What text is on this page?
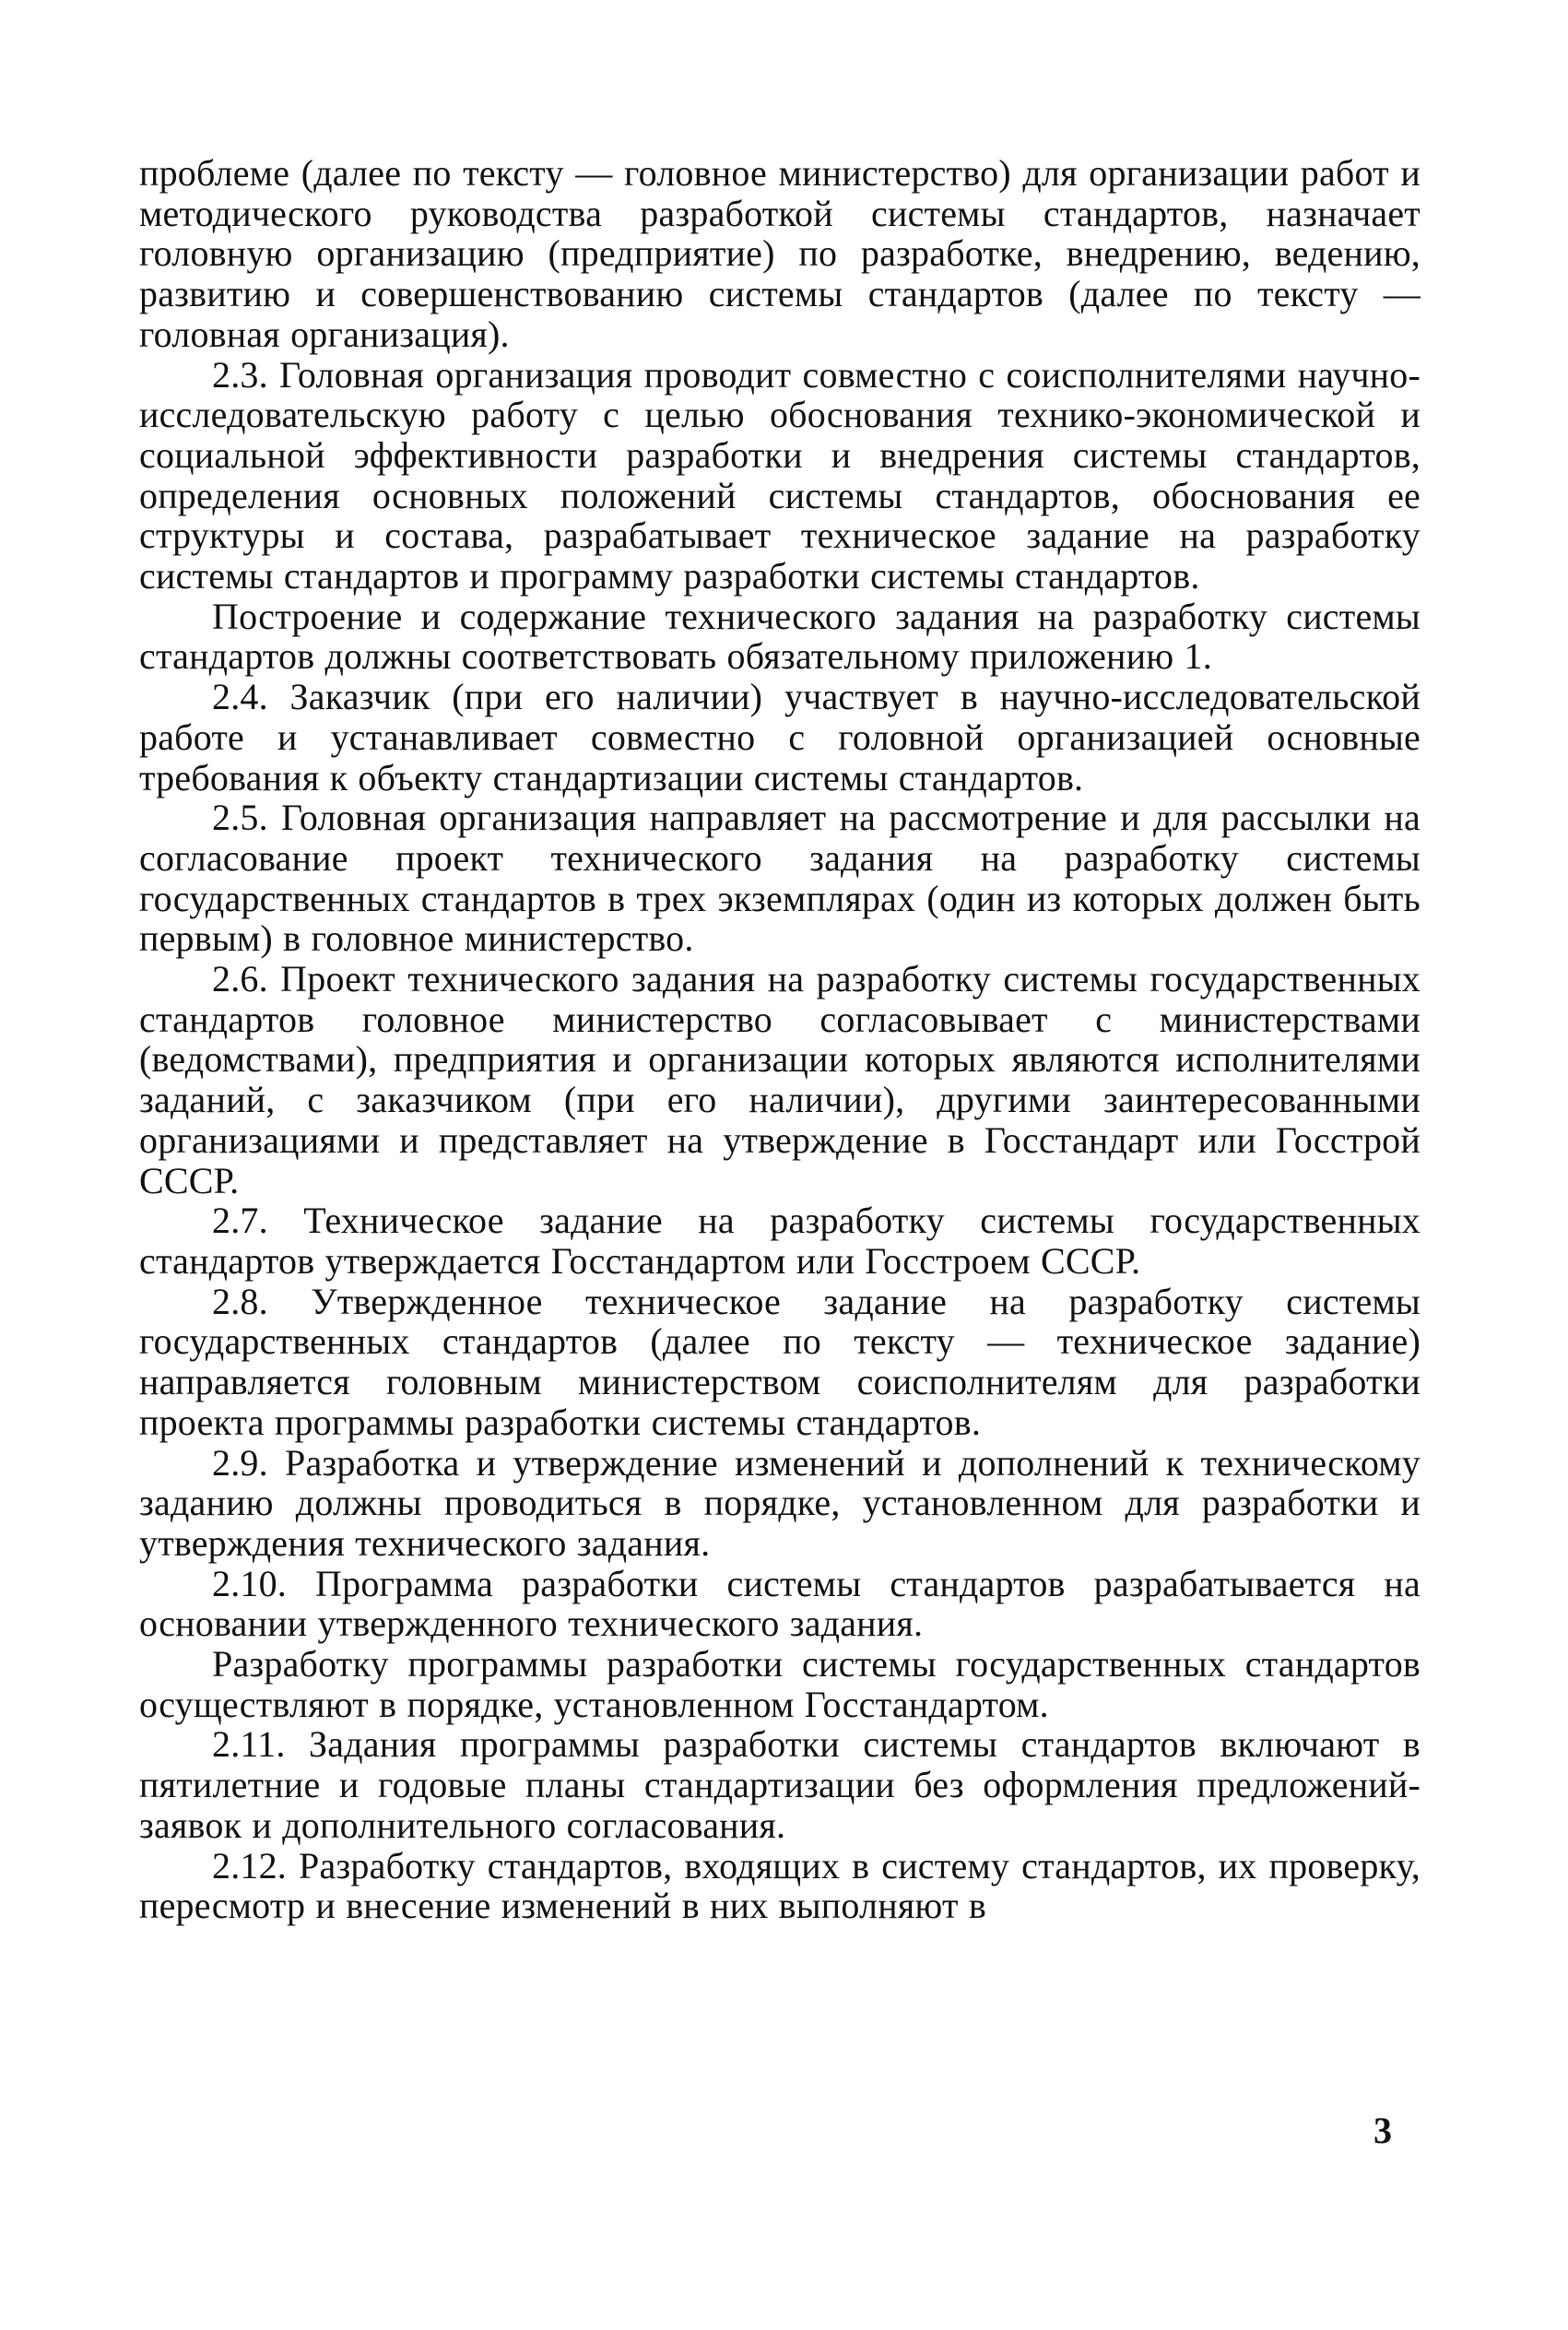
проблеме (далее по тексту — головное министерство) для организации работ и методического руководства разработкой системы стандартов, назначает головную организацию (предприятие) по разработке, внедрению, ведению, развитию и совершенствованию системы стандартов (далее по тексту — головная организация).

2.3. Головная организация проводит совместно с соисполнителями научно-исследовательскую работу с целью обоснования технико-экономической и социальной эффективности разработки и внедрения системы стандартов, определения основных положений системы стандартов, обоснования ее структуры и состава, разрабатывает техническое задание на разработку системы стандартов и программу разработки системы стандартов.

Построение и содержание технического задания на разработку системы стандартов должны соответствовать обязательному приложению 1.

2.4. Заказчик (при его наличии) участвует в научно-исследовательской работе и устанавливает совместно с головной организацией основные требования к объекту стандартизации системы стандартов.

2.5. Головная организация направляет на рассмотрение и для рассылки на согласование проект технического задания на разработку системы государственных стандартов в трех экземплярах (один из которых должен быть первым) в головное министерство.

2.6. Проект технического задания на разработку системы государственных стандартов головное министерство согласовывает с министерствами (ведомствами), предприятия и организации которых являются исполнителями заданий, с заказчиком (при его наличии), другими заинтересованными организациями и представляет на утверждение в Госстандарт или Госстрой СССР.

2.7. Техническое задание на разработку системы государственных стандартов утверждается Госстандартом или Госстроем СССР.

2.8. Утвержденное техническое задание на разработку системы государственных стандартов (далее по тексту — техническое задание) направляется головным министерством соисполнителям для разработки проекта программы разработки системы стандартов.

2.9. Разработка и утверждение изменений и дополнений к техническому заданию должны проводиться в порядке, установленном для разработки и утверждения технического задания.

2.10. Программа разработки системы стандартов разрабатывается на основании утвержденного технического задания.

Разработку программы разработки системы государственных стандартов осуществляют в порядке, установленном Госстандартом.

2.11. Задания программы разработки системы стандартов включают в пятилетние и годовые планы стандартизации без оформления предложений-заявок и дополнительного согласования.

2.12. Разработку стандартов, входящих в систему стандартов, их проверку, пересмотр и внесение изменений в них выполняют в

3
